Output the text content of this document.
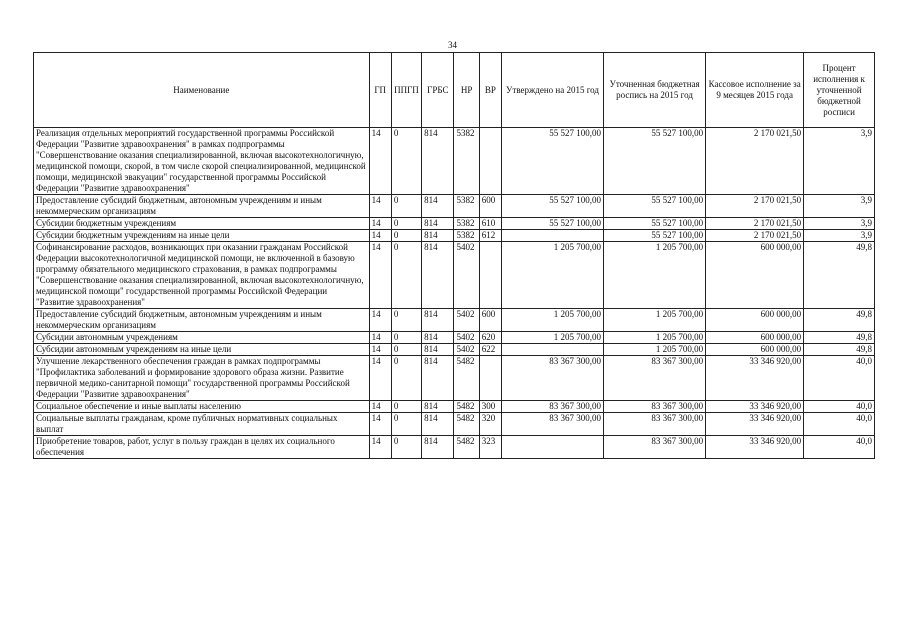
34
Наименование	ГП	ППГП	ГРБС	НР	ВР	Утверждено на 2015 год	Уточненная бюджетная роспись на 2015 год	Кассовое исполнение за 9 месяцев 2015 года	Процент исполнения к уточненной бюджетной росписи
Реализация отдельных мероприятий государственной программы Российской Федерации "Развитие здравоохранения" в рамках подпрограммы "Совершенствование оказания специализированной, включая высокотехнологичную, медицинской помощи, скорой, в том числе скорой специализированной, медицинской помощи, медицинской эвакуации" государственной программы Российской Федерации "Развитие здравоохранения"	14	0	814	5382		55 527 100,00	55 527 100,00	2 170 021,50	3,9
Предоставление субсидий бюджетным, автономным учреждениям и иным некоммерческим организациям	14	0	814	5382	600	55 527 100,00	55 527 100,00	2 170 021,50	3,9
Субсидии бюджетным учреждениям	14	0	814	5382	610	55 527 100,00	55 527 100,00	2 170 021,50	3,9
Субсидии бюджетным учреждениям на иные цели	14	0	814	5382	612		55 527 100,00	2 170 021,50	3,9
Софинансирование расходов, возникающих при оказании гражданам Российской Федерации высокотехнологичной медицинской помощи, не включенной в базовую программу обязательного медицинского страхования, в рамках подпрограммы "Совершенствование оказания специализированной, включая высокотехнологичную, медицинской помощи" государственной программы Российской Федерации "Развитие здравоохранения"	14	0	814	5402		1 205 700,00	1 205 700,00	600 000,00	49,8
Предоставление субсидий бюджетным, автономным учреждениям и иным некоммерческим организациям	14	0	814	5402	600	1 205 700,00	1 205 700,00	600 000,00	49,8
Субсидии автономным учреждениям	14	0	814	5402	620	1 205 700,00	1 205 700,00	600 000,00	49,8
Субсидии автономным учреждениям на иные цели	14	0	814	5402	622		1 205 700,00	600 000,00	49,8
Улучшение лекарственного обеспечения граждан в рамках подпрограммы "Профилактика заболеваний и формирование здорового образа жизни. Развитие первичной медико-санитарной помощи" государственной программы Российской Федерации "Развитие здравоохранения"	14	0	814	5482		83 367 300,00	83 367 300,00	33 346 920,00	40,0
Социальное обеспечение и иные выплаты населению	14	0	814	5482	300	83 367 300,00	83 367 300,00	33 346 920,00	40,0
Социальные выплаты гражданам, кроме публичных нормативных социальных выплат	14	0	814	5482	320	83 367 300,00	83 367 300,00	33 346 920,00	40,0
Приобретение товаров, работ, услуг в пользу граждан в целях их социального обеспечения	14	0	814	5482	323		83 367 300,00	33 346 920,00	40,0
